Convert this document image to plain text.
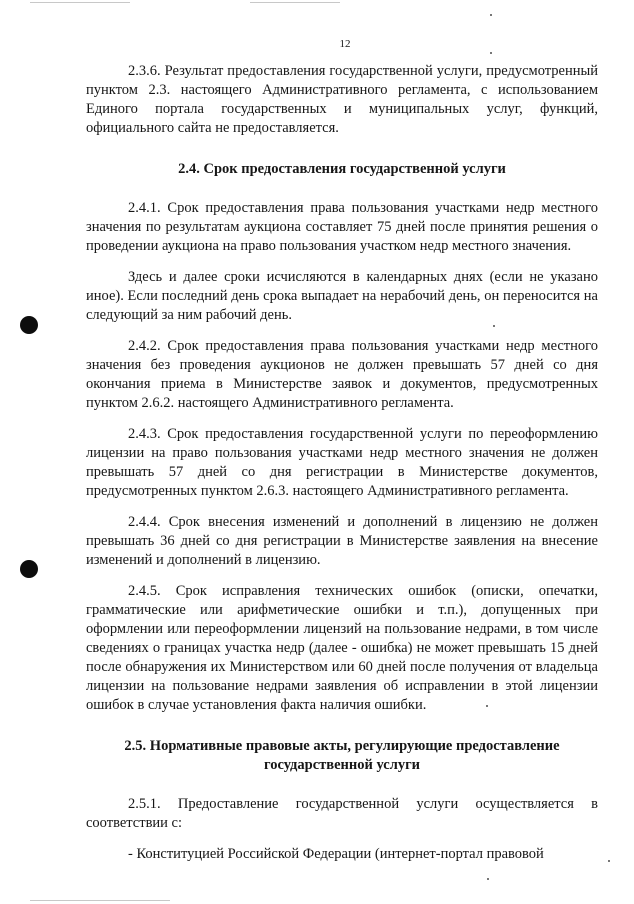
12

2.3.6. Результат предоставления государственной услуги, предусмотренный пунктом 2.3. настоящего Административного регламента, с использованием Единого портала государственных и муниципальных услуг, функций, официального сайта не предоставляется.

2.4. Срок предоставления государственной услуги

2.4.1. Срок предоставления права пользования участками недр местного значения по результатам аукциона составляет 75 дней после принятия решения о проведении аукциона на право пользования участком недр местного значения.

Здесь и далее сроки исчисляются в календарных днях (если не указано иное). Если последний день срока выпадает на нерабочий день, он переносится на следующий за ним рабочий день.

2.4.2. Срок предоставления права пользования участками недр местного значения без проведения аукционов не должен превышать 57 дней со дня окончания приема в Министерстве заявок и документов, предусмотренных пунктом 2.6.2. настоящего Административного регламента.

2.4.3. Срок предоставления государственной услуги по переоформлению лицензии на право пользования участками недр местного значения не должен превышать 57 дней со дня регистрации в Министерстве документов, предусмотренных пунктом 2.6.3. настоящего Административного регламента.

2.4.4. Срок внесения изменений и дополнений в лицензию не должен превышать 36 дней со дня регистрации в Министерстве заявления на внесение изменений и дополнений в лицензию.

2.4.5. Срок исправления технических ошибок (описки, опечатки, грамматические или арифметические ошибки и т.п.), допущенных при оформлении или переоформлении лицензий на пользование недрами, в том числе сведениях о границах участка недр (далее - ошибка) не может превышать 15 дней после обнаружения их Министерством или 60 дней после получения от владельца лицензии на пользование недрами заявления об исправлении в этой лицензии ошибок в случае установления факта наличия ошибки.

2.5. Нормативные правовые акты, регулирующие предоставление государственной услуги

2.5.1. Предоставление государственной услуги осуществляется в соответствии с:

- Конституцией Российской Федерации (интернет-портал правовой
